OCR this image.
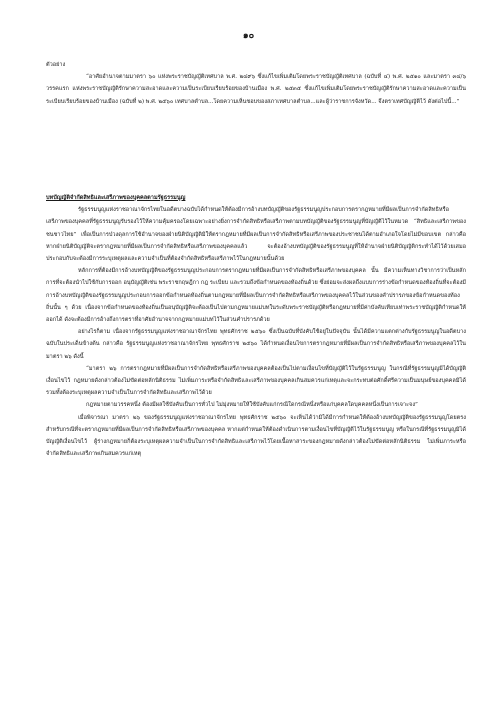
๑๐

ตัวอย่าง

“อาศัยอำนาจตามมาตรา ๖๐ แห่งพระราชบัญญัติเทศบาล พ.ศ. ๒๔๙๖ ซึ่งแก้ไขเพิ่มเติมโดยพระราชบัญญัติเทศบาล (ฉบับที่ ๔) พ.ศ. ๒๕๑๐ และมาตรา ๓๔/๖ วรรคแรก แห่งพระราชบัญญัติรักษาความสะอาดและความเป็นระเบียบเรียบร้อยของบ้านเมือง พ.ศ. ๒๕๓๕ ซึ่งแก้ไขเพิ่มเติมโดยพระราชบัญญัติรักษาความสะอาดและความเป็นระเบียบเรียบร้อยของบ้านเมือง (ฉบับที่ ๒) พ.ศ. ๒๕๖๐ เทศบาลตำบล...โดยความเห็นชอบของสภาเทศบาลตำบล...และผู้ว่าราชการจังหวัด... จึงตราเทศบัญญัติไว้ ดังต่อไปนี้...”

บทบัญญัติจำกัดสิทธิและเสรีภาพของบุคคลตามรัฐธรรมนูญ

รัฐธรรมนูญแห่งราชอาณาจักรไทยในอดีตบางฉบับได้กำหนดให้ต้องมีการอ้างบทบัญญัติของรัฐธรรมนูญประกอบการตรากฎหมายที่มีผลเป็นการจำกัดสิทธิหรือเสรีภาพของบุคคลที่รัฐธรรมนูญรับรองไว้ให้ความคุ้มครองโดยเฉพาะอย่างยิ่งการจำกัดสิทธิหรือเสรีภาพตามบทบัญญัติของรัฐธรรมนูญที่บัญญัติไว้ในหมวด “สิทธิและเสรีภาพของชนชาวไทย” เพื่อเป็นการป่วงดุลการใช้อำนาจของฝ่ายนิติบัญญัติมิให้ตรากฎหมายที่มีผลเป็นการจำกัดสิทธิหรือเสรีภาพของประชาชนได้ตามอำเภอใจโดยไม่มีขอบเขต กล่าวคือ หากฝ่ายนิติบัญญัติจะตรากฎหมายที่มีผลเป็นการจำกัดสิทธิหรือเสรีภาพของบุคคลแล้ว จะต้องอ้างบทบัญญัติของรัฐธรรมนูญที่ให้อำนาจฝ่ายนิติบัญญัติกระทำได้ไว้ด้วยเสมอ ประกอบกับจะต้องมีการระบุเหตุผลและความจำเป็นที่ต้องจำกัดสิทธิหรือเสรีภาพไว้ในกฎหมายนั้นด้วย

หลักการที่ต้องมีการอ้างบทบัญญัติของรัฐธรรมนูญประกอบการตรากฎหมายที่มีผลเป็นการจำกัดสิทธิหรือเสรีภาพของบุคคล นั้น มีความเห็นทางวิชาการว่าเป็นหลักการที่จะต้องนำไปใช้กับการออก อนุบัญญัติเช่น พระราชกฤษฎีกา กฎ ระเบียบ และรวมถึงข้อกำหนดของท้องถิ่นด้วย ซึ่งย่อมจะส่งผลถึงแบบการร่างข้อกำหนดของท้องถิ่นที่จะต้องมีการอ้างบทบัญญัติของรัฐธรรมนูญประกอบการออกข้อกำหนดท้องถิ่นตามกฎหมายที่มีผลเป็นการจำกัดสิทธิหรือเสรีภาพของบุคคลไว้ในส่วนของคำปรารภของข้อกำหนดของท้องถิ่นนั้น ๆ ด้วย เนื่องจากข้อกำหนดของท้องถิ่นเป็นอนุบัญญัติจะต้องเป็นไปตามกฎหมายแม่บทในระดับพระราชบัญญัติหรือกฎหมายที่มีค่าบังคับเทียบเท่าพระราชบัญญัติกำหนดให้ออกได้ ดังจะต้องมีการอ้างถึงการตราที่อาศัยอำนาจจากกฎหมายแม่บทไว้ในส่วนคำปรารภด้วย

อย่างไรก็ตาม เนื่องจากรัฐธรรมนูญแห่งราชอาณาจักรไทย พุทธศักราช ๒๕๖๐ ซึ่งเป็นฉบับที่บังคับใช้อยู่ในปัจจุบัน นั้นได้มีความแตกต่างกับรัฐธรรมนูญในอดีตบางฉบับในประเด็นข้างต้น กล่าวคือ รัฐธรรมนูญแห่งราชอาณาจักรไทย พุทธศักราช ๒๕๖๐ ได้กำหนดเงื่อนไขการตรากฎหมายที่มีผลเป็นการจำกัดสิทธิหรือเสรีภาพของบุคคลไว้ในมาตรา ๒๖ ดังนี้

“มาตรา ๒๖ การตรากฎหมายที่มีผลเป็นการจำกัดสิทธิหรือเสรีภาพของบุคคลต้องเป็นไปตามเงื่อนไขที่บัญญัติไว้ในรัฐธรรมนูญ ในกรณีที่รัฐธรรมนูญมิได้บัญญัติเงื่อนไขไว้ กฎหมายดังกล่าวต้องไม่ขัดต่อหลักนิติธรรม ไม่เพิ่มภาระหรือจำกัดสิทธิและเสรีภาพของบุคคลเกินสมควรแก่เหตุและจะกระทบต่อศักดิ์ศรีความเป็นมนุษย์ของบุคคลมิได้ รวมทั้งต้องระบุเหตุผลความจำเป็นในการจำกัดสิทธิและเสรีภาพไว้ด้วย

กฎหมายตามวรรคหนึ่ง ต้องมีผลใช้บังคับเป็นการทั่วไป ไม่มุ่งหมายให้ใช้บังคับแก่กรณีใดกรณีหนึ่งหรือแก่บุคคลใดบุคคลหนึ่งเป็นการเจาะจง”

เมื่อพิจารณา มาตรา ๒๖ ของรัฐธรรมนูญแห่งราชอาณาจักรไทย พุทธศักราช ๒๕๖๐ จะเห็นได้ว่ามิได้มีการกำหนดให้ต้องอ้างบทบัญญัติของรัฐธรรมนูญโดยตรงสำหรับกรณีที่จะตรากฎหมายที่มีผลเป็นการจำกัดสิทธิหรือเสรีภาพของบุคคล หากแต่กำหนดให้ต้องดำเนินการตามเงื่อนไขที่บัญญัติไว้ในรัฐธรรมนูญ หรือในกรณีที่รัฐธรรมนูญมิได้บัญญัติเงื่อนไขไว้ ผู้ร่างกฎหมายก็ต้องระบุเหตุผลความจำเป็นในการจำกัดสิทธิและเสรีภาพไว้โดยเนื้อหาสาระของกฎหมายดังกล่าวต้องไม่ขัดต่อหลักนิติธรรม ไม่เพิ่มภาระหรือจำกัดสิทธิและเสรีภาพเกินสมควรแก่เหตุ
